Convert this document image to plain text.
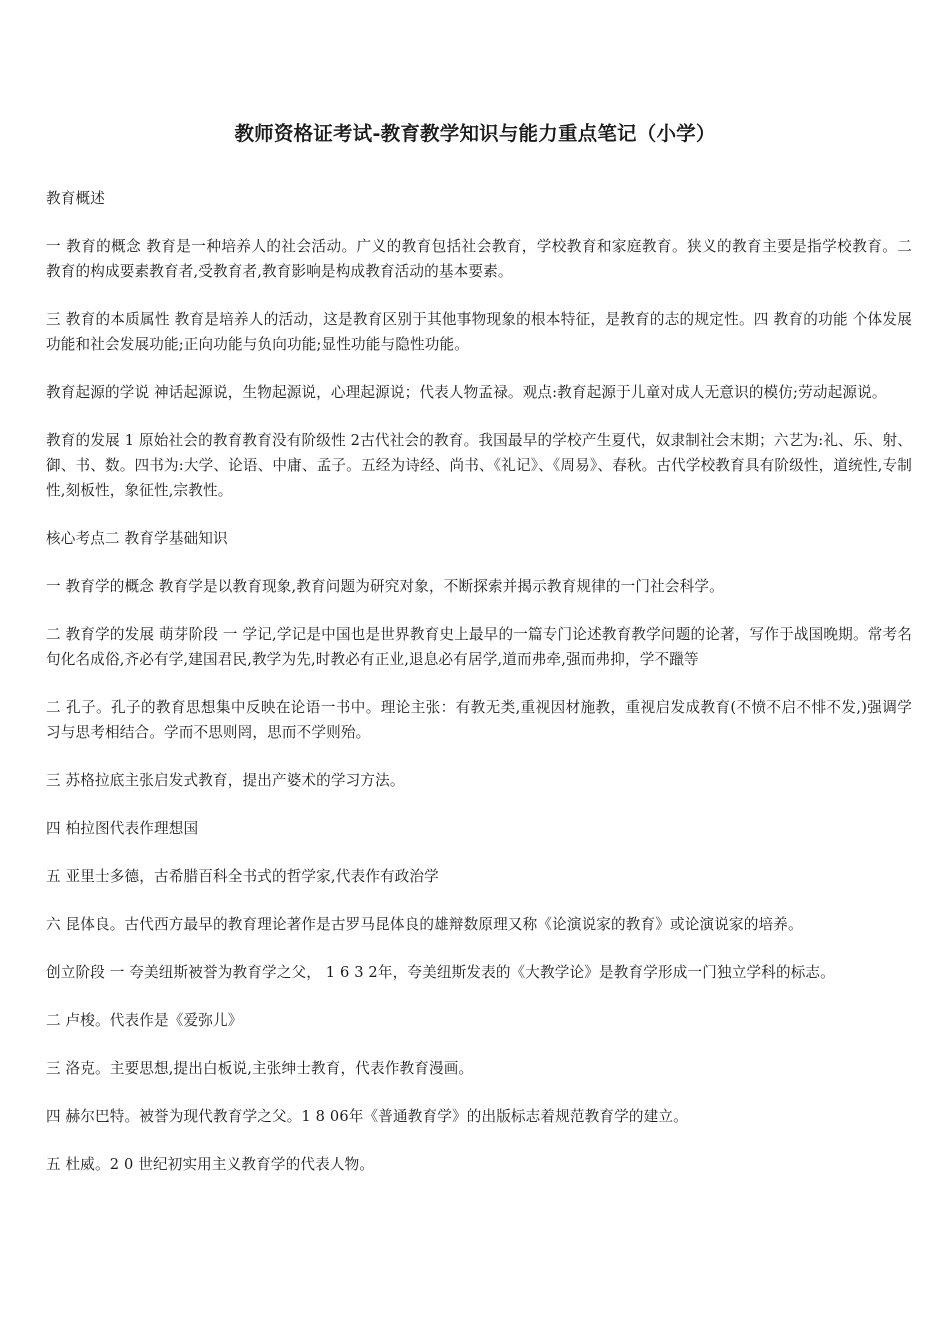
教师资格证考试-教育教学知识与能力重点笔记（小学）

教育概述

一 教育的概念 教育是一种培养人的社会活动。广义的教育包括社会教育，学校教育和家庭教育。狭义的教育主要是指学校教育。二 教育的构成要素教育者,受教育者,教育影响是构成教育活动的基本要素。

三 教育的本质属性 教育是培养人的活动，这是教育区别于其他事物现象的根本特征，是教育的志的规定性。四 教育的功能 个体发展功能和社会发展功能;正向功能与负向功能;显性功能与隐性功能。

教育起源的学说 神话起源说，生物起源说，心理起源说；代表人物孟禄。观点:教育起源于儿童对成人无意识的模仿;劳动起源说。

教育的发展 1 原始社会的教育教育没有阶级性 2古代社会的教育。我国最早的学校产生夏代，奴隶制社会末期；六艺为:礼、乐、射、御、书、数。四书为:大学、论语、中庸、孟子。五经为诗经、尚书、《礼记》、《周易》、春秋。古代学校教育具有阶级性，道统性,专制性,刻板性，象征性,宗教性。

核心考点二 教育学基础知识

一 教育学的概念 教育学是以教育现象,教育问题为研究对象，不断探索并揭示教育规律的一门社会科学。

二 教育学的发展 萌芽阶段 一 学记,学记是中国也是世界教育史上最早的一篇专门论述教育教学问题的论著，写作于战国晚期。常考名句化名成俗,齐必有学,建国君民,教学为先,时教必有正业,退息必有居学,道而弗牵,强而弗抑，学不躐等

二 孔子。孔子的教育思想集中反映在论语一书中。理论主张：有教无类,重视因材施教，重视启发成教育(不愤不启不悱不发,)强调学习与思考相结合。学而不思则罔，思而不学则殆。

三 苏格拉底主张启发式教育，提出产婆术的学习方法。

四 柏拉图代表作理想国

五 亚里士多德，古希腊百科全书式的哲学家,代表作有政治学

六 昆体良。古代西方最早的教育理论著作是古罗马昆体良的雄辩数原理又称《论演说家的教育》或论演说家的培养。

创立阶段 一 夸美纽斯被誉为教育学之父， 1 6 3 2年，夸美纽斯发表的《大教学论》是教育学形成一门独立学科的标志。

二 卢梭。代表作是《爱弥儿》

三 洛克。主要思想,提出白板说,主张绅士教育，代表作教育漫画。

四 赫尔巴特。被誉为现代教育学之父。1 8 06年《普通教育学》的出版标志着规范教育学的建立。

五 杜威。2 0 世纪初实用主义教育学的代表人物。
